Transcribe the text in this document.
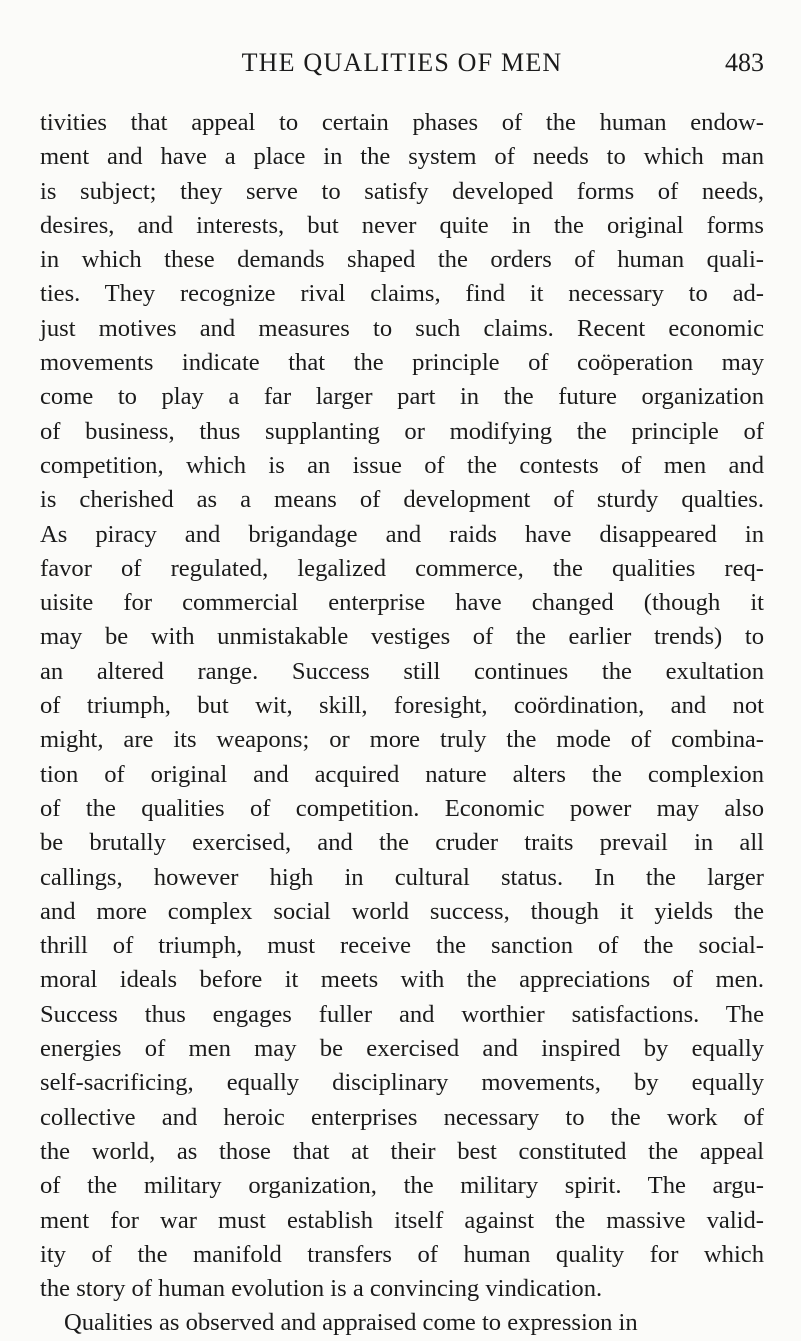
THE QUALITIES OF MEN	483
tivities that appeal to certain phases of the human endow-
ment and have a place in the system of needs to which man
is subject; they serve to satisfy developed forms of needs,
desires, and interests, but never quite in the original forms
in which these demands shaped the orders of human quali-
ties. They recognize rival claims, find it necessary to ad-
just motives and measures to such claims. Recent economic
movements indicate that the principle of coöperation may
come to play a far larger part in the future organization
of business, thus supplanting or modifying the principle of
competition, which is an issue of the contests of men and
is cherished as a means of development of sturdy qualties.
As piracy and brigandage and raids have disappeared in
favor of regulated, legalized commerce, the qualities req-
uisite for commercial enterprise have changed (though it
may be with unmistakable vestiges of the earlier trends) to
an altered range. Success still continues the exultation
of triumph, but wit, skill, foresight, coördination, and not
might, are its weapons; or more truly the mode of combina-
tion of original and acquired nature alters the complexion
of the qualities of competition. Economic power may also
be brutally exercised, and the cruder traits prevail in all
callings, however high in cultural status. In the larger
and more complex social world success, though it yields the
thrill of triumph, must receive the sanction of the social-
moral ideals before it meets with the appreciations of men.
Success thus engages fuller and worthier satisfactions. The
energies of men may be exercised and inspired by equally
self-sacrificing, equally disciplinary movements, by equally
collective and heroic enterprises necessary to the work of
the world, as those that at their best constituted the appeal
of the military organization, the military spirit. The argu-
ment for war must establish itself against the massive valid-
ity of the manifold transfers of human quality for which
the story of human evolution is a convincing vindication.
Qualities as observed and appraised come to expression in
